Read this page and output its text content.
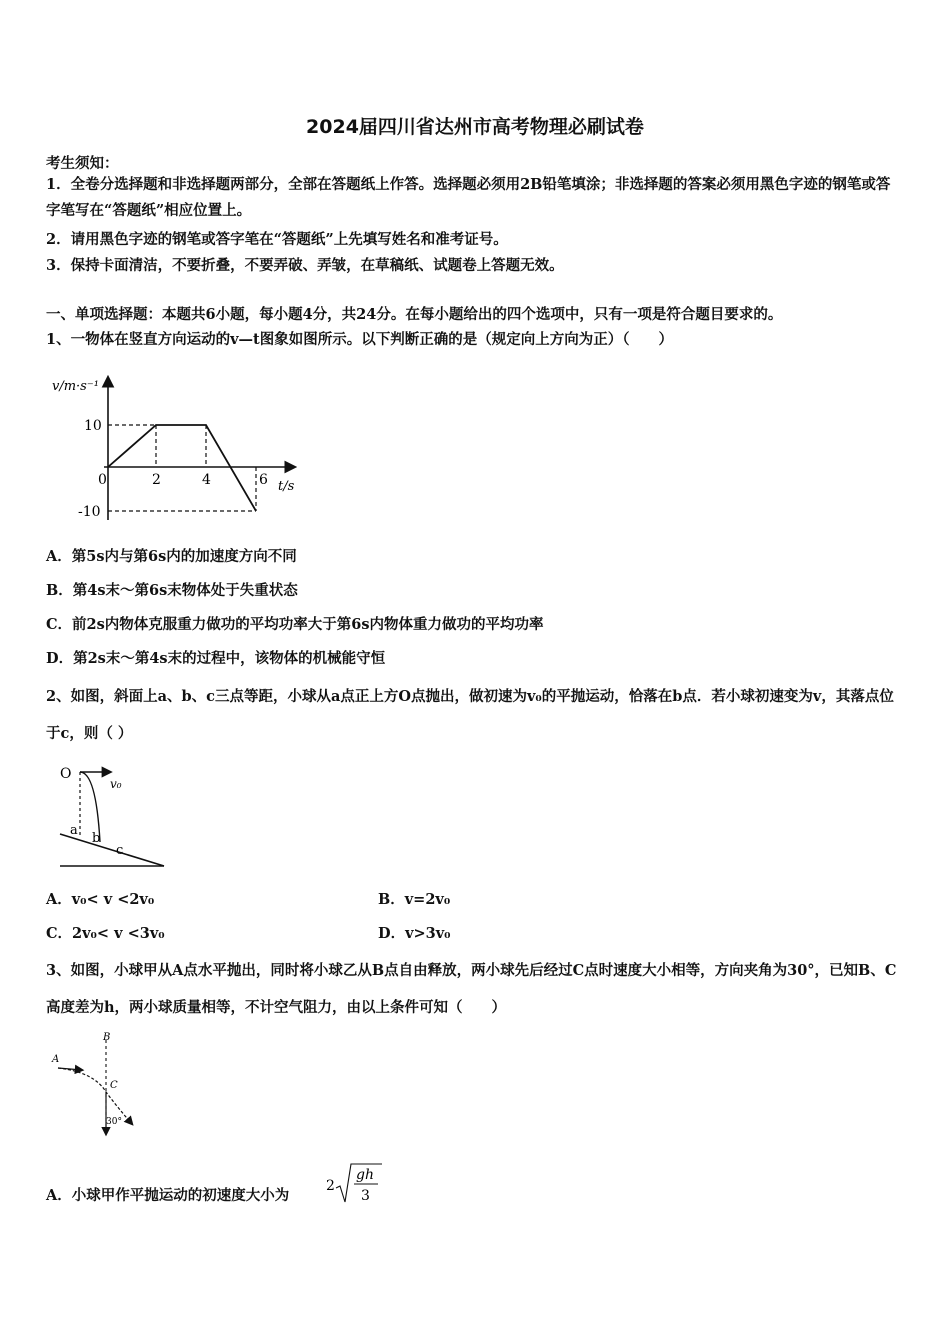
2024届四川省达州市高考物理必刷试卷
考生须知：
1．全卷分选择题和非选择题两部分，全部在答题纸上作答。选择题必须用2B铅笔填涂；非选择题的答案必须用黑色字迹的钢笔或答字笔写在“答题纸”相应位置上。
2．请用黑色字迹的钢笔或答字笔在“答题纸”上先填写姓名和准考证号。
3．保持卡面清洁，不要折叠，不要弄破、弄皱，在草稿纸、试题卷上答题无效。
一、单项选择题：本题共6小题，每小题4分，共24分。在每小题给出的四个选项中，只有一项是符合题目要求的。
1、一物体在竖直方向运动的v—t图象如图所示。以下判断正确的是（规定向上方向为正）（　　）
v/m·s⁻¹
10
-10
0	2	4	6 t/s
A．第5s内与第6s内的加速度方向不同
B．第4s末～第6s末物体处于失重状态
C．前2s内物体克服重力做功的平均功率大于第6s内物体重力做功的平均功率
D．第2s末～第4s末的过程中，该物体的机械能守恒
2、如图，斜面上a、b、c三点等距，小球从a点正上方O点抛出，做初速为v₀的平抛运动，恰落在b点．若小球初速变为v，其落点位于c，则（ ）
O
v₀
a
b
c
A．v₀< v <2v₀	B．v=2v₀
C．2v₀< v <3v₀	D．v>3v₀
3、如图，小球甲从A点水平抛出，同时将小球乙从B点自由释放，两小球先后经过C点时速度大小相等，方向夹角为30°，已知B、C高度差为h，两小球质量相等，不计空气阻力，由以上条件可知（　　）
A
B
C
30°
A．小球甲作平抛运动的初速度大小为
2
gh
3
